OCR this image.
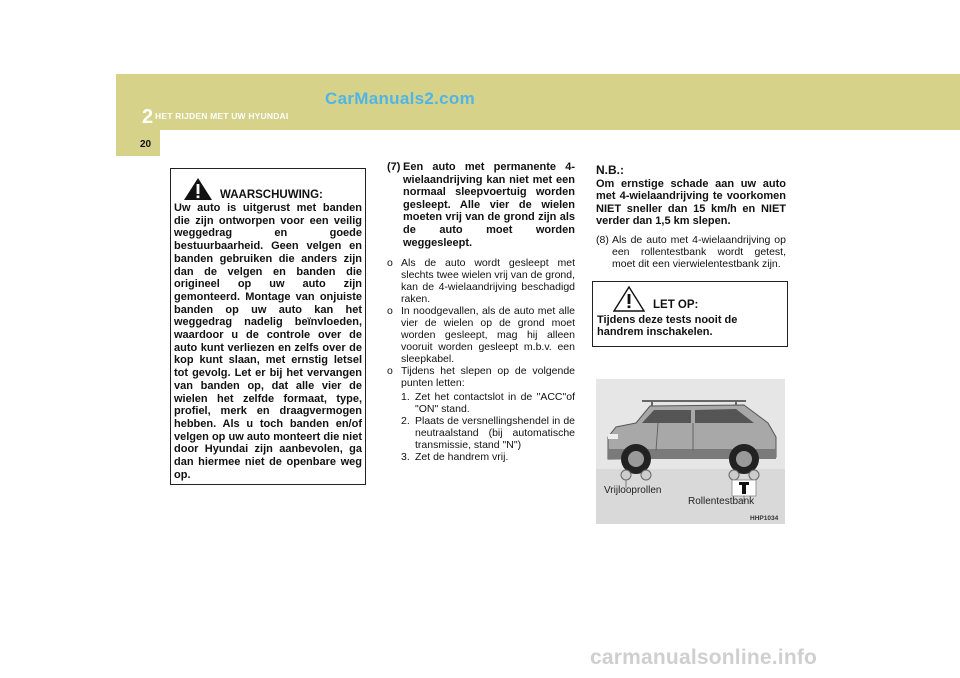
2 HET RIJDEN MET UW HYUNDAI
CarManuals2.com
20
WAARSCHUWING:
Uw auto is uitgerust met banden die zijn ontworpen voor een veilig weggedrag en goede bestuurbaarheid. Geen velgen en banden gebruiken die anders zijn dan de velgen en banden die origineel op uw auto zijn gemonteerd. Montage van onjuiste banden op uw auto kan het weggedrag nadelig beïnvloeden, waardoor u de controle over de auto kunt verliezen en zelfs over de kop kunt slaan, met ernstig letsel tot gevolg. Let er bij het vervangen van banden op, dat alle vier de wielen het zelfde formaat, type, profiel, merk en draagvermogen hebben. Als u toch banden en/of velgen op uw auto monteert die niet door Hyundai zijn aanbevolen, ga dan hiermee niet de openbare weg op.
(7) Een auto met permanente 4-wielaandrijving kan niet met een normaal sleepvoertuig worden gesleept. Alle vier de wielen moeten vrij van de grond zijn als de auto moet worden weggesleept.
o Als de auto wordt gesleept met slechts twee wielen vrij van de grond, kan de 4-wielaandrijving beschadigd raken.
o In noodgevallen, als de auto met alle vier de wielen op de grond moet worden gesleept, mag hij alleen vooruit worden gesleept m.b.v. een sleepkabel.
o Tijdens het slepen op de volgende punten letten:
1. Zet het contactslot in de "ACC"of "ON" stand.
2. Plaats de versnellingshendel in de neutraalstand (bij automatische transmissie, stand "N")
3. Zet de handrem vrij.
N.B.:
Om ernstige schade aan uw auto met 4-wielaandrijving te voorkomen NIET sneller dan 15 km/h en NIET verder dan 1,5 km slepen.
(8) Als de auto met 4-wielaandrijving op een rollentestbank wordt getest, moet dit een vierwielentestbank zijn.
LET OP:
Tijdens deze tests nooit de handrem inschakelen.
Vrijlooprollen
Rollentestbank
HHP1034
carmanualsonline.info
